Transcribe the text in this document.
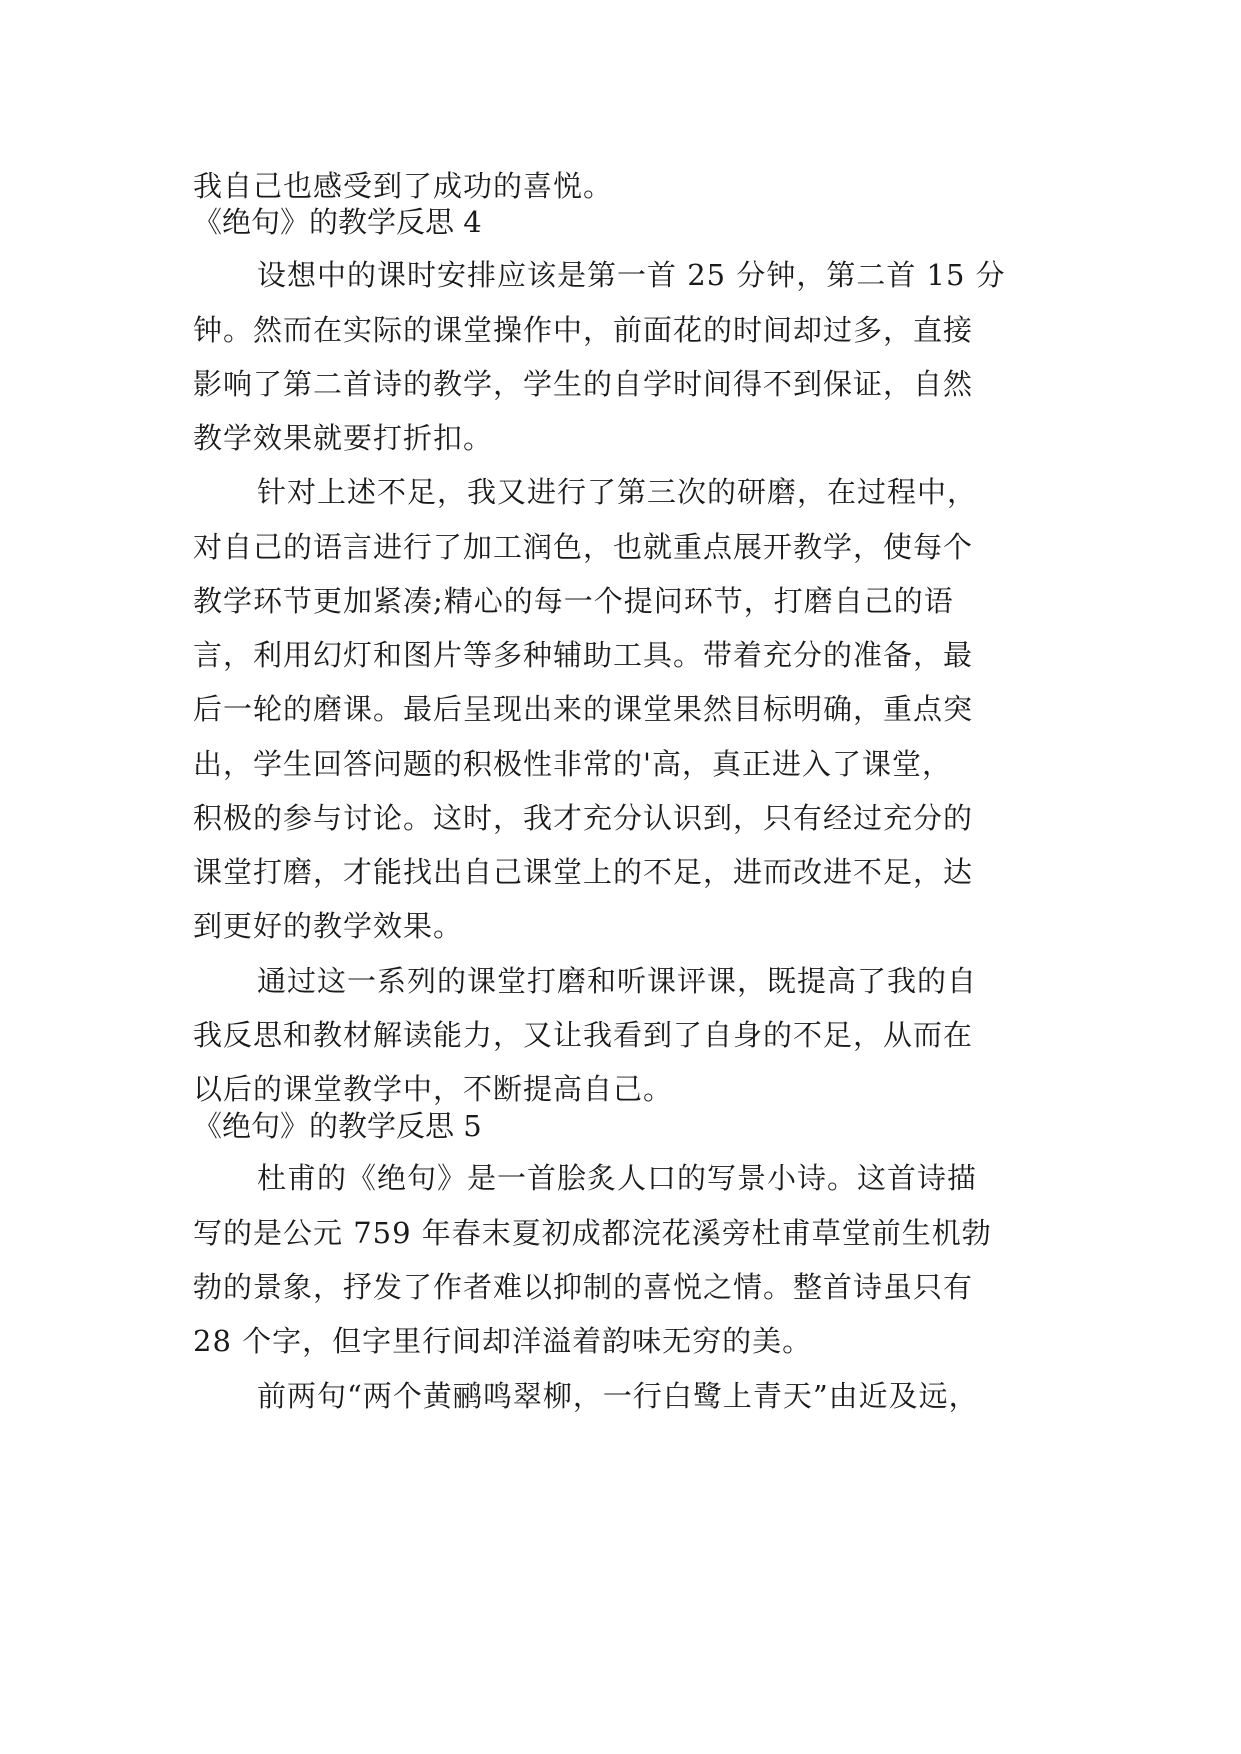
我自己也感受到了成功的喜悦。

《绝句》的教学反思 4

设想中的课时安排应该是第一首 25 分钟，第二首 15 分

钟。然而在实际的课堂操作中，前面花的时间却过多，直接

影响了第二首诗的教学，学生的自学时间得不到保证，自然

教学效果就要打折扣。

针对上述不足，我又进行了第三次的研磨，在过程中，

对自己的语言进行了加工润色，也就重点展开教学，使每个

教学环节更加紧凑;精心的每一个提问环节，打磨自己的语

言，利用幻灯和图片等多种辅助工具。带着充分的准备，最

后一轮的磨课。最后呈现出来的课堂果然目标明确，重点突

出，学生回答问题的积极性非常的'高，真正进入了课堂，

积极的参与讨论。这时，我才充分认识到，只有经过充分的

课堂打磨，才能找出自己课堂上的不足，进而改进不足，达

到更好的教学效果。

通过这一系列的课堂打磨和听课评课，既提高了我的自

我反思和教材解读能力，又让我看到了自身的不足，从而在

以后的课堂教学中，不断提高自己。

《绝句》的教学反思 5

杜甫的《绝句》是一首脍炙人口的写景小诗。这首诗描

写的是公元 759 年春末夏初成都浣花溪旁杜甫草堂前生机勃

勃的景象，抒发了作者难以抑制的喜悦之情。整首诗虽只有

28 个字，但字里行间却洋溢着韵味无穷的美。

前两句“两个黄鹂鸣翠柳，一行白鹭上青天”由近及远，
